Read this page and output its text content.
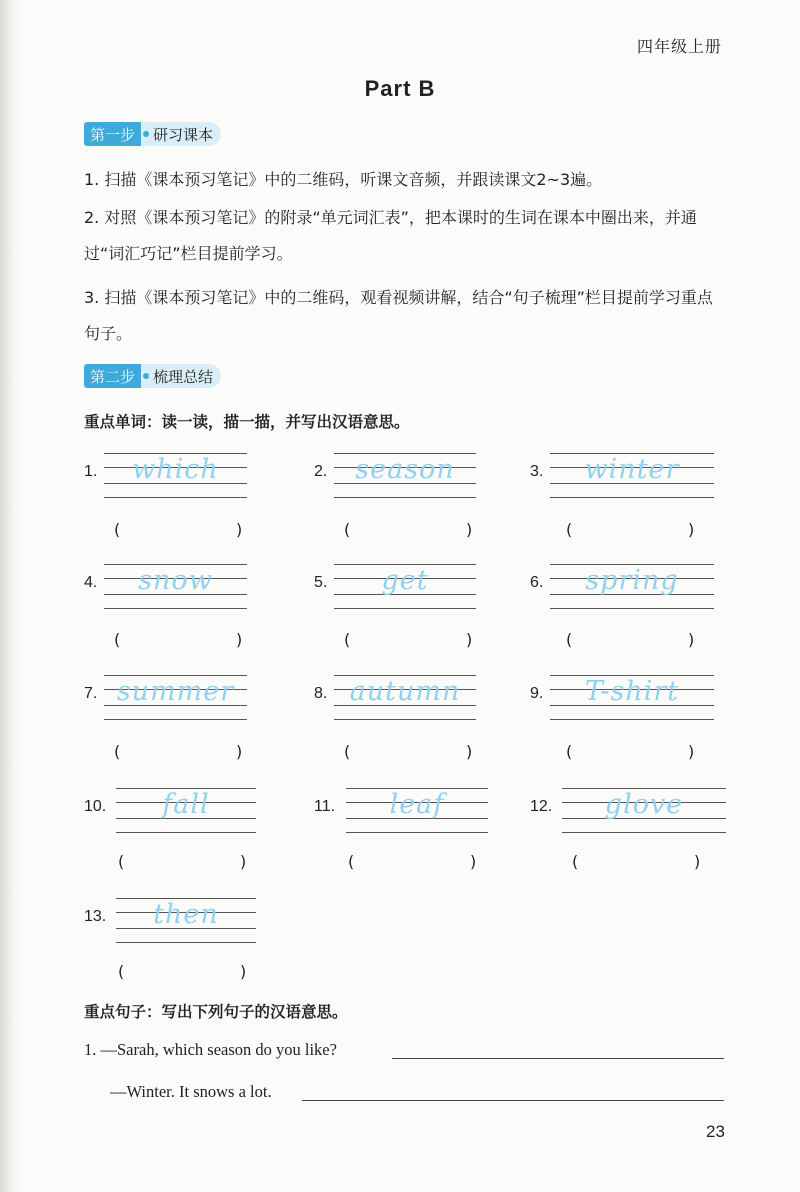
四年级上册
Part B
第一步	研习课本
1. 扫描《课本预习笔记》中的二维码，听课文音频，并跟读课文2~3遍。
2. 对照《课本预习笔记》的附录“单元词汇表”，把本课时的生词在课本中圈出来，并通过“词汇巧记”栏目提前学习。
3. 扫描《课本预习笔记》中的二维码，观看视频讲解，结合“句子梳理”栏目提前学习重点句子。
第二步	梳理总结
重点单词：读一读，描一描，并写出汉语意思。
1.	which
(	)
2.	season
(	)
3.	winter
(	)
4.	snow
(	)
5.	get
(	)
6.	spring
(	)
7. summer
(	)
8. autumn
(	)
9.	T-shirt
(	)
10.	fall
(	)
11.	leaf
(	)
12.	glove
(	)
13.	then
(	)
重点句子：写出下列句子的汉语意思。
1. —Sarah, which season do you like?
—Winter. It snows a lot.
23
